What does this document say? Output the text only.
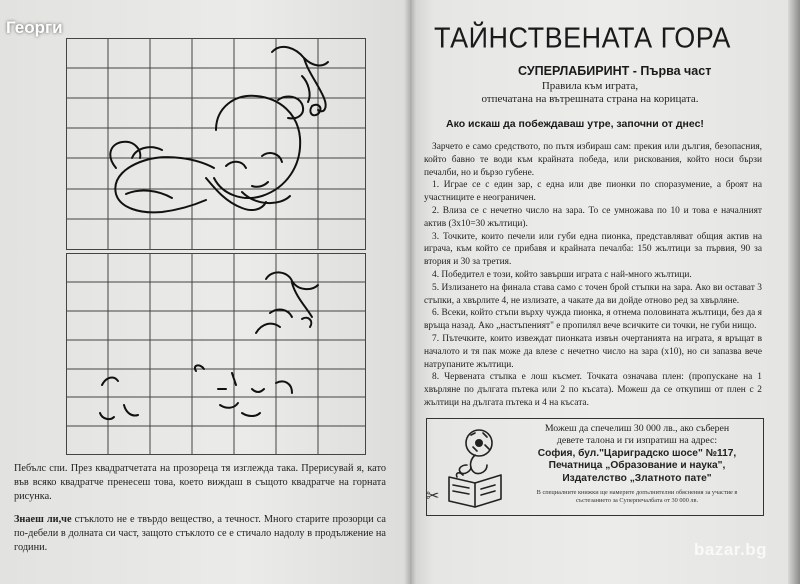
Георги
Пебълс спи. През квадратчетата на прозореца тя изглежда така. Прерисувай я, като във всяко квадратче пренесеш това, което виждаш в същото квадратче на горната рисунка.
Знаеш ли,че стъклото не е твърдо вещество, а течност. Много старите прозорци са по-дебели в долната си част, защото стъклото се е стичало надолу в продължение на години.
ТАЙНСТВЕНАТА ГОРА
СУПЕРЛАБИРИНТ - Първа част
Правила към играта,
отпечатана на вътрешната страна на корицата.
Ако искаш да побеждаваш утре, започни от днес!

Зарчето е само средството, по пътя избираш сам: прекия или дългия, безопасния, който бавно те води към крайната победа, или рискования, който носи бързи печалби, но и бързо губене.

1. Играе се с един зар, с една или две пионки по споразумение, а броят на участниците е неограничен.

2. Влиза се с нечетно число на зара. То се умножава по 10 и това е началният актив (3х10=30 жълтици).

3. Точките, които печели или губи една пионка, представляват общия актив на играча, към който се прибавя и крайната печалба: 150 жълтици за първия, 90 за втория и 30 за третия.

4. Победител е този, който завърши играта с най-много жълтици.

5. Излизането на финала става само с точен брой стъпки на зара. Ако ви остават 3 стъпки, а хвърлите 4, не излизате, а чакате да ви дойде отново ред за хвърляне.

6. Всеки, който стъпи върху чужда пионка, я отнема половината жълтици, без да я връща назад. Ако „настъпеният" е пропилял вече всичките си точки, не губи нищо.

7. Пътечките, които извеждат пионката извън очертанията на играта, я връщат в началото и тя пак може да влезе с нечетно число на зара (х10), но си запазва вече натрупаните жълтици.

8. Червената стъпка е лош късмет. Точката означава плен: (пропускане на 1 хвърляне по дългата пътека или 2 по късата). Можеш да се откупиш от плен с 2 жълтици на дългата пътека и 4 на късата.

Можеш да спечелиш 30 000 лв., ако съберен
девете талона и ги изпратиш на адрес:
София, бул."Цариградско шосе" №117,
Печатница „Образование и наука",
Издателство „Златното пате"
В специалните книжки ще намерите допълнителни обяснения за участие в състезанието за Суперпечалбата от 30 000 лв.
✂
bazar.bg
